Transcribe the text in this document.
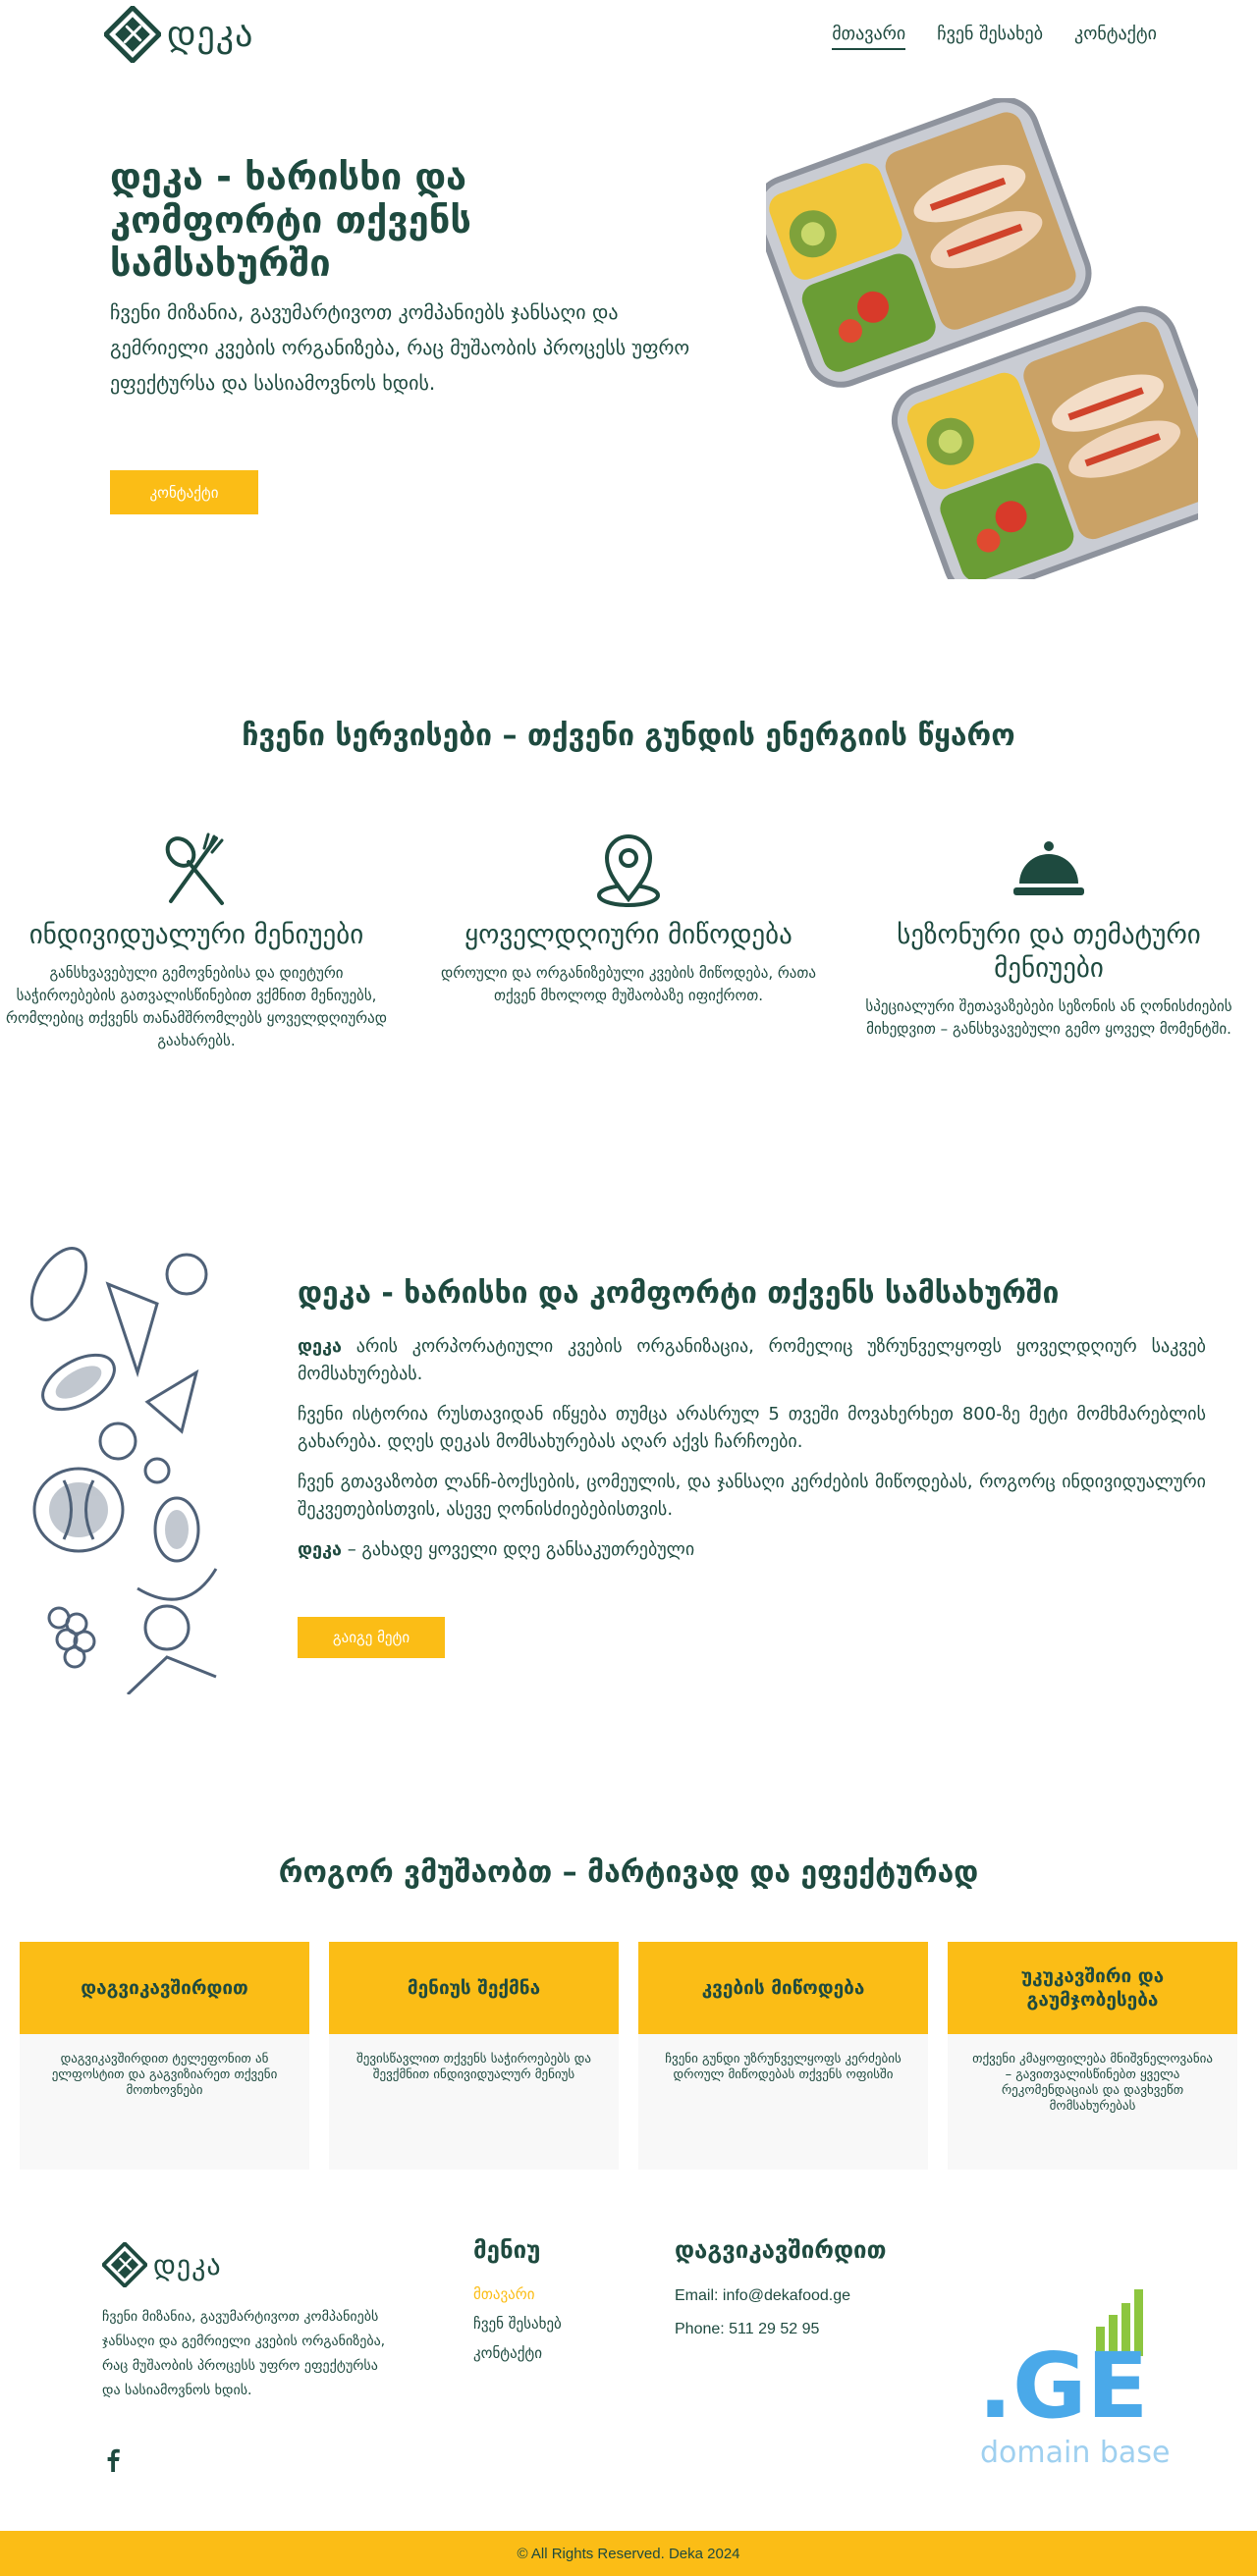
დეკა	მთავარი ჩვენ შესახებ კონტაქტი
დეკა - ხარისხი და კომფორტი თქვენს სამსახურში

ჩვენი მიზანია, გავუმარტივოთ კომპანიებს ჯანსაღი და გემრიელი კვების ორგანიზება, რაც მუშაობის პროცესს უფრო ეფექტურსა და სასიამოვნოს ხდის.

კონტაქტი
ჩვენი სერვისები – თქვენი გუნდის ენერგიის წყარო
ინდივიდუალური მენიუები

განსხვავებული გემოვნებისა და დიეტური საჭიროებების გათვალისწინებით ვქმნით მენიუებს, რომლებიც თქვენს თანამშრომლებს ყოველდღიურად გაახარებს.

ყოველდღიური მიწოდება

დროული და ორგანიზებული კვების მიწოდება, რათა თქვენ მხოლოდ მუშაობაზე იფიქროთ.

სეზონური და თემატური მენიუები

სპეციალური შეთავაზებები სეზონის ან ღონისძიების მიხედვით – განსხვავებული გემო ყოველ მომენტში.

დეკა - ხარისხი და კომფორტი თქვენს სამსახურში

დეკა არის კორპორატიული კვების ორგანიზაცია, რომელიც უზრუნველყოფს ყოველდღიურ საკვებ მომსახურებას.

ჩვენი ისტორია რუსთავიდან იწყება თუმცა არასრულ 5 თვეში მოვახერხეთ 800-ზე მეტი მომხმარებლის გახარება. დღეს დეკას მომსახურებას აღარ აქვს ჩარჩოები.

ჩვენ გთავაზობთ ლანჩ-ბოქსების, ცომეულის, და ჯანსაღი კერძების მიწოდებას, როგორც ინდივიდუალური შეკვეთებისთვის, ასევე ღონისძიებებისთვის.

დეკა – გახადე ყოველი დღე განსაკუთრებული

გაიგე მეტი
როგორ ვმუშაობთ – მარტივად და ეფექტურად
დაგვიკავშირდით
დაგვიკავშირდით ტელეფონით ან ელფოსტით და გაგვიზიარეთ თქვენი მოთხოვნები
მენიუს შექმნა
შევისწავლით თქვენს საჭიროებებს და შევქმნით ინდივიდუალურ მენიუს
კვების მიწოდება
ჩვენი გუნდი უზრუნველყოფს კერძების დროულ მიწოდებას თქვენს ოფისში
უკუკავშირი და გაუმჯობესება
თქვენი კმაყოფილება მნიშვნელოვანია – გავითვალისწინებთ ყველა რეკომენდაციას და დავხვეწთ მომსახურებას
დეკა

ჩვენი მიზანია, გავუმარტივოთ კომპანიებს ჯანსაღი და გემრიელი კვების ორგანიზება, რაც მუშაობის პროცესს უფრო ეფექტურსა და სასიამოვნოს ხდის.

მენიუ
მთავარი
ჩვენ შესახებ
კონტაქტი
დაგვიკავშირდით
Email: info@dekafood.ge
Phone: 511 29 52 95
.GE
domain base
© All Rights Reserved. Deka 2024
